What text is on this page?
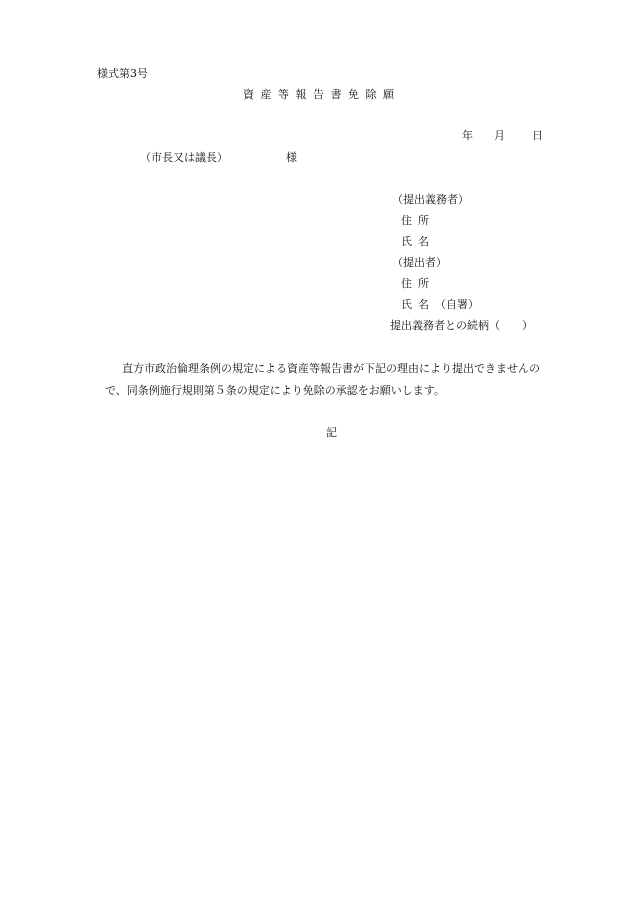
様式第3号
資産等報告書免除願
年 月 日
（市長又は議長）	様
（提出義務者）
住所
氏名
（提出者）
住所
氏名（自署）
提出義務者との続柄（　　）
直方市政治倫理条例の規定による資産等報告書が下記の理由により提出できませんの
で、同条例施行規則第５条の規定により免除の承認をお願いします。
記
